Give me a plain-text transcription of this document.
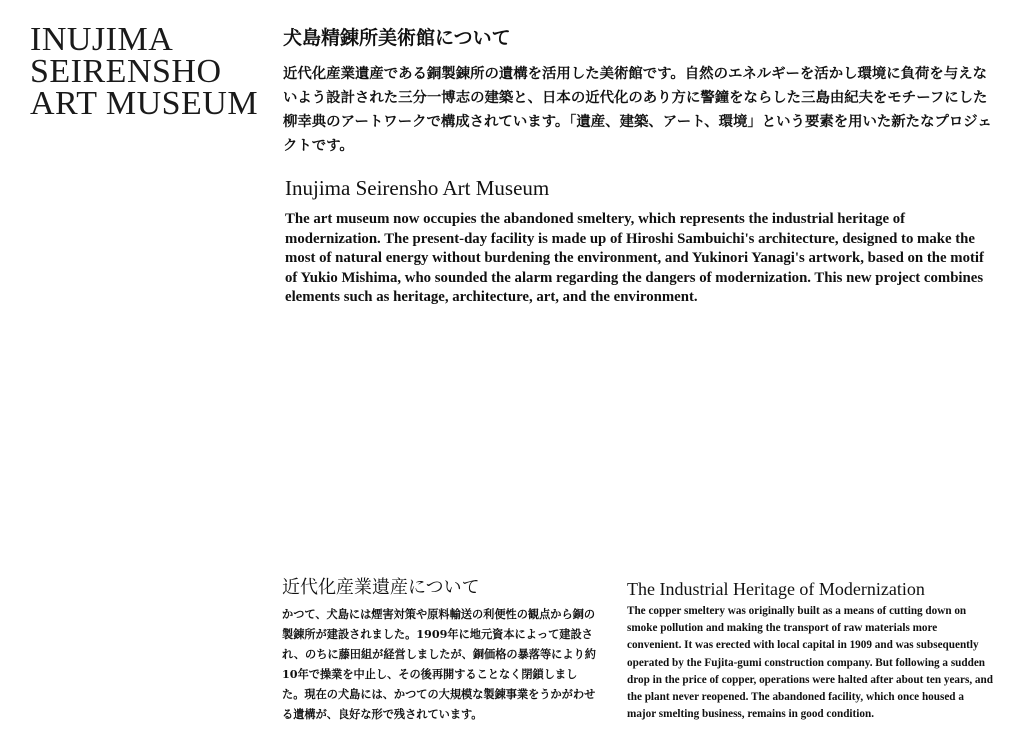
INUJIMA
SEIRENSHO
ART MUSEUM
犬島精錬所美術館について

近代化産業遺産である銅製錬所の遺構を活用した美術館です。自然のエネルギーを活かし環境に負荷を与えないよう設計された三分一博志の建築と、日本の近代化のあり方に警鐘をならした三島由紀夫をモチーフにした柳幸典のアートワークで構成されています。「遺産、建築、アート、環境」という要素を用いた新たなプロジェクトです。

Inujima Seirensho Art Museum

The art museum now occupies the abandoned smeltery, which represents the industrial heritage of modernization. The present-day facility is made up of Hiroshi Sambuichi's architecture, designed to make the most of natural energy without burdening the environment, and Yukinori Yanagi's artwork, based on the motif of Yukio Mishima, who sounded the alarm regarding the dangers of modernization. This new project combines elements such as heritage, architecture, art, and the environment.

近代化産業遺産について

かつて、犬島には煙害対策や原料輸送の利便性の観点から銅の製錬所が建設されました。1909年に地元資本によって建設され、のちに藤田組が経営しましたが、銅価格の暴落等により約10年で操業を中止し、その後再開することなく閉鎖しました。現在の犬島には、かつての大規模な製錬事業をうかがわせる遺構が、良好な形で残されています。

The Industrial Heritage of Modernization

The copper smeltery was originally built as a means of cutting down on smoke pollution and making the transport of raw materials more convenient. It was erected with local capital in 1909 and was subsequently operated by the Fujita-gumi construction company. But following a sudden drop in the price of copper, operations were halted after about ten years, and the plant never reopened. The abandoned facility, which once housed a major smelting business, remains in good condition.
